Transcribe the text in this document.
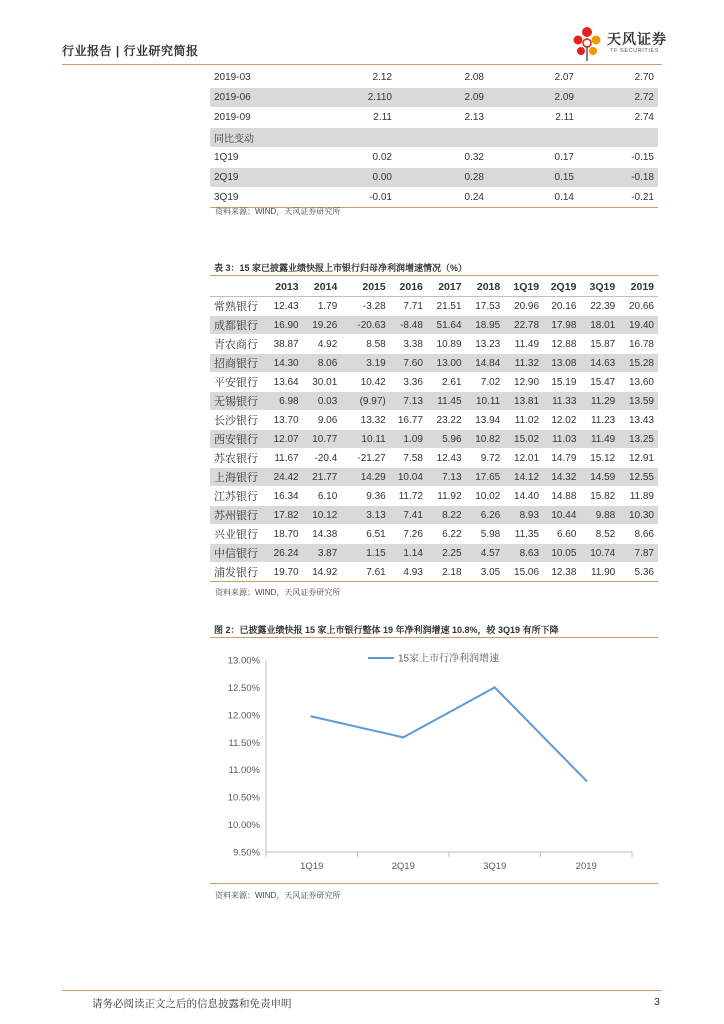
行业报告 | 行业研究简报
天风证券
TF SECURITIES
2019-03	2.12	2.08	2.07	2.70
2019-06	2.110	2.09	2.09	2.72
2019-09	2.11	2.13	2.11	2.74
同比变动				
1Q19	0.02	0.32	0.17	-0.15
2Q19	0.00	0.28	0.15	-0.18
3Q19	-0.01	0.24	0.14	-0.21
资料来源：WIND，天风证券研究所
表 3：15 家已披露业绩快报上市银行归母净利润增速情况（%）
	2013	2014	2015	2016	2017	2018	1Q19	2Q19	3Q19	2019
常熟银行	12.43	1.79	-3.28	7.71	21.51	17.53	20.96	20.16	22.39	20.66
成都银行	16.90	19.26	-20.63	-8.48	51.64	18.95	22.78	17.98	18.01	19.40
青农商行	38.87	4.92	8.58	3.38	10.89	13.23	11.49	12.88	15.87	16.78
招商银行	14.30	8.06	3.19	7.60	13.00	14.84	11.32	13.08	14.63	15.28
平安银行	13.64	30.01	10.42	3.36	2.61	7.02	12.90	15.19	15.47	13.60
无锡银行	6.98	0.03	(9.97)	7.13	11.45	10.11	13.81	11.33	11.29	13.59
长沙银行	13.70	9.06	13.32	16.77	23.22	13.94	11.02	12.02	11.23	13.43
西安银行	12.07	10.77	10.11	1.09	5.96	10.82	15.02	11.03	11.49	13.25
苏农银行	11.67	-20.4	-21.27	7.58	12.43	9.72	12.01	14.79	15.12	12.91
上海银行	24.42	21.77	14.29	10.04	7.13	17.65	14.12	14.32	14.59	12.55
江苏银行	16.34	6.10	9.36	11.72	11.92	10.02	14.40	14.88	15.82	11.89
苏州银行	17.82	10.12	3.13	7.41	8.22	6.26	8.93	10.44	9.88	10.30
兴业银行	18.70	14.38	6.51	7.26	6.22	5.98	11.35	6.60	8.52	8.66
中信银行	26.24	3.87	1.15	1.14	2.25	4.57	8.63	10.05	10.74	7.87
浦发银行	19.70	14.92	7.61	4.93	2.18	3.05	15.06	12.38	11.90	5.36
资料来源：WIND，天风证券研究所
图 2：已披露业绩快报 15 家上市银行整体 19 年净利润增速 10.8%，较 3Q19 有所下降
9.50%
10.00%
10.50%
11.00%
11.50%
12.00%
12.50%
13.00%
1Q19	2Q19	3Q19	2019
15家上市行净利润增速
资料来源：WIND，天风证券研究所
请务必阅读正文之后的信息披露和免责申明	3
